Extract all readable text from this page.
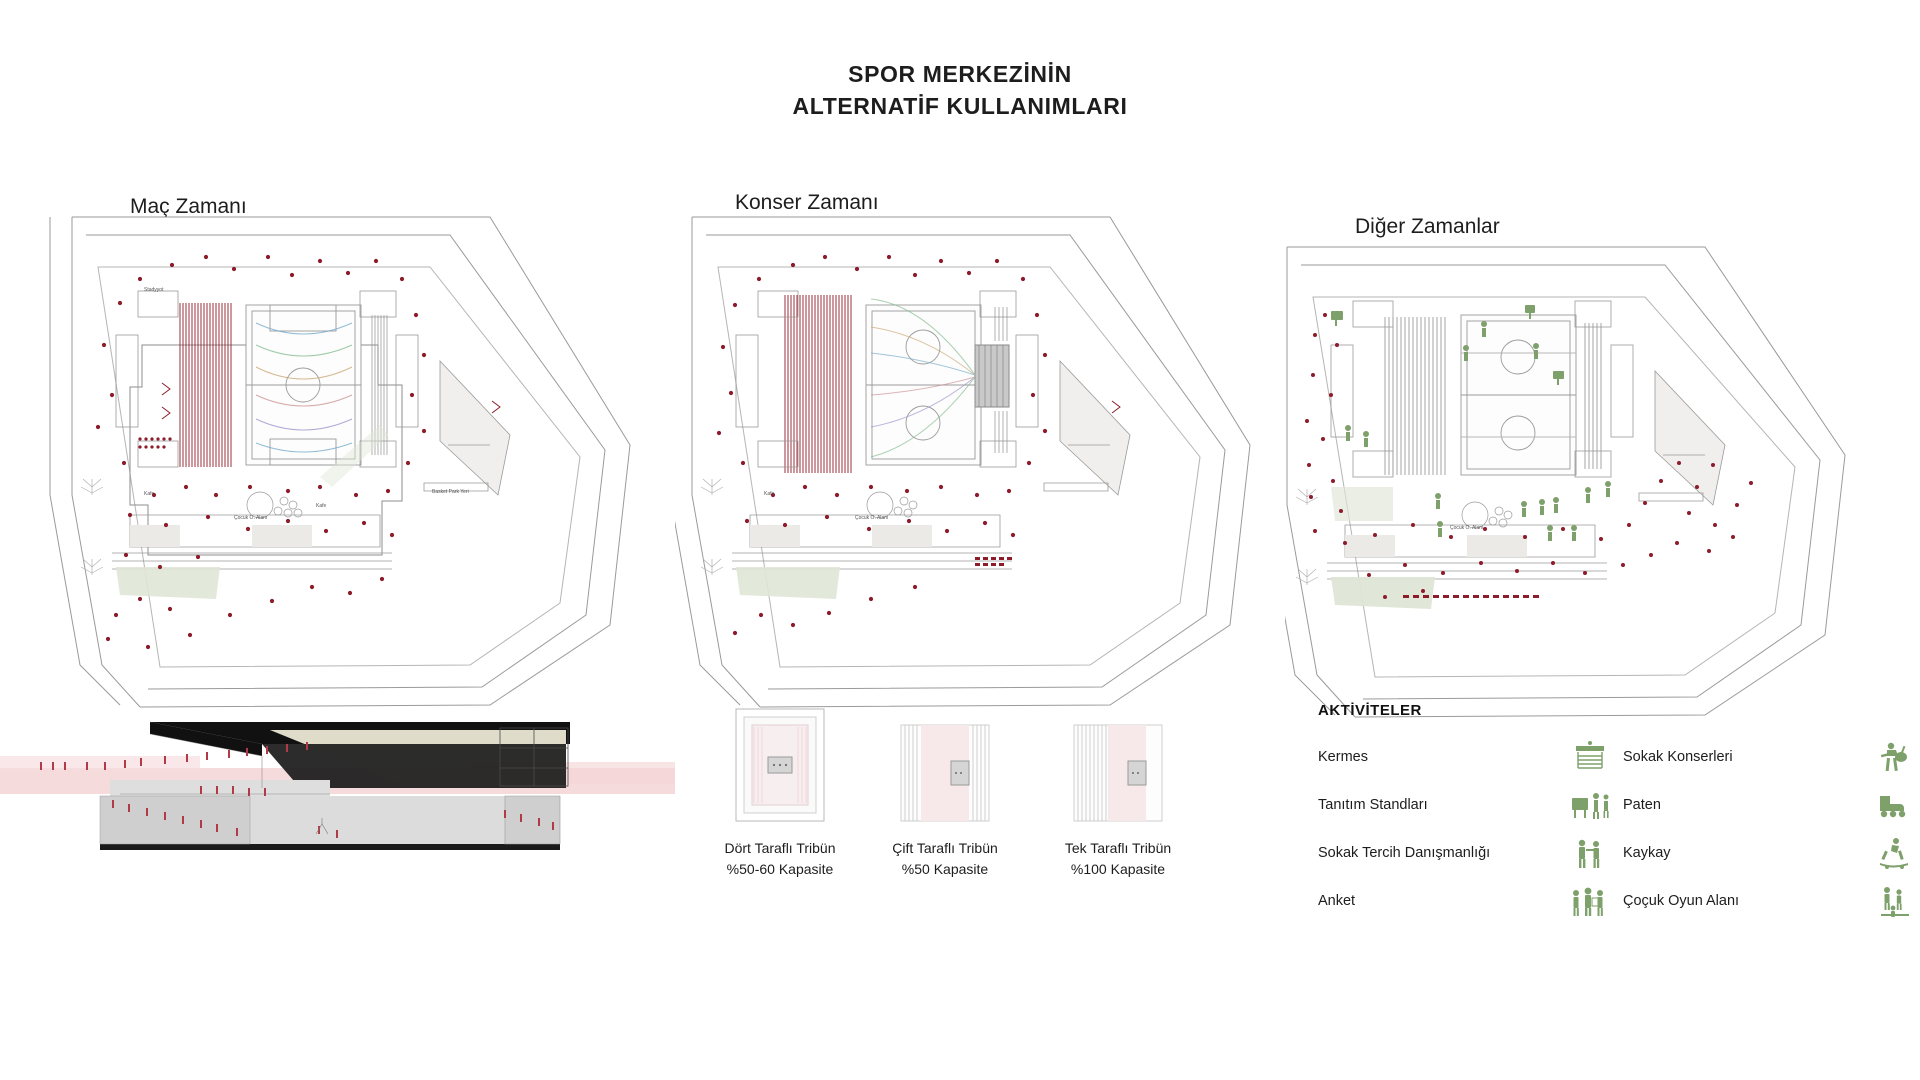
SPOR MERKEZİNİN
ALTERNATİF KULLANIMLARI
Maç Zamanı
Stadyyot
Kafe
Çocuk O. Alanı
Kafe
Basket Park Yeri
Konser Zamanı
Kafe
Çocuk O. Alanı
Diğer Zamanlar
Çocuk O. Alanı
Dört Taraflı Tribün
%50-60 Kapasite
Çift Taraflı Tribün
%50 Kapasite
Tek Taraflı Tribün
%100 Kapasite
AKTİVİTELER
Kermes
Tanıtım Standları
Sokak Tercih Danışmanlığı
Anket
Sokak Konserleri
Paten
Kaykay
Çoçuk Oyun Alanı
